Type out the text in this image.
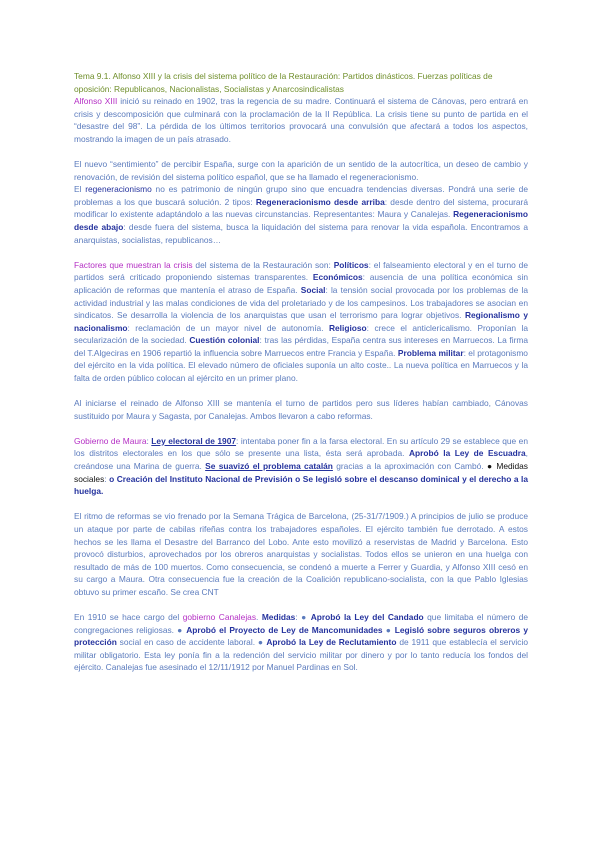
Tema 9.1. Alfonso XIII y la crisis del sistema político de la Restauración: Partidos dinásticos. Fuerzas políticas de oposición: Republicanos, Nacionalistas, Socialistas y Anarcosindicalistas

Alfonso XIII inició su reinado en 1902, tras la regencia de su madre. Continuará el sistema de Cánovas, pero entrará en crisis y descomposición que culminará con la proclamación de la II República. La crisis tiene su punto de partida en el “desastre del 98”. La pérdida de los últimos territorios provocará una convulsión que afectará a todos los aspectos, mostrando la imagen de un país atrasado.

El nuevo “sentimiento” de percibir España, surge con la aparición de un sentido de la autocrítica, un deseo de cambio y renovación, de revisión del sistema político español, que se ha llamado el regeneracionismo.

El regeneracionismo no es patrimonio de ningún grupo sino que encuadra tendencias diversas. Pondrá una serie de problemas a los que buscará solución. 2 tipos: Regeneracionismo desde arriba: desde dentro del sistema, procurará modificar lo existente adaptándolo a las nuevas circunstancias. Representantes: Maura y Canalejas. Regeneracionismo desde abajo: desde fuera del sistema, busca la liquidación del sistema para renovar la vida española. Encontramos a anarquistas, socialistas, republicanos…

Factores que muestran la crisis del sistema de la Restauración son: Políticos: el falseamiento electoral y en el turno de partidos será criticado proponiendo sistemas transparentes. Económicos: ausencia de una política económica sin aplicación de reformas que mantenía el atraso de España. Social: la tensión social provocada por los problemas de la actividad industrial y las malas condiciones de vida del proletariado y de los campesinos. Los trabajadores se asocian en sindicatos. Se desarrolla la violencia de los anarquistas que usan el terrorismo para lograr objetivos. Regionalismo y nacionalismo: reclamación de un mayor nivel de autonomía. Religioso: crece el anticlericalismo. Proponían la secularización de la sociedad. Cuestión colonial: tras las pérdidas, España centra sus intereses en Marruecos. La firma del T.Algeciras en 1906 repartió la influencia sobre Marruecos entre Francia y España. Problema militar: el protagonismo del ejército en la vida política. El elevado número de oficiales suponía un alto coste.. La nueva política en Marruecos y la falta de orden público colocan al ejército en un primer plano.

Al iniciarse el reinado de Alfonso XIII se mantenía el turno de partidos pero sus líderes habían cambiado, Cánovas sustituido por Maura y Sagasta, por Canalejas. Ambos llevaron a cabo reformas.

Gobierno de Maura: Ley electoral de 1907: intentaba poner fin a la farsa electoral. En su artículo 29 se establece que en los distritos electorales en los que sólo se presente una lista, ésta será aprobada. Aprobó la Ley de Escuadra, creándose una Marina de guerra. Se suavizó el problema catalán gracias a la aproximación con Cambó. ● Medidas sociales: o Creación del Instituto Nacional de Previsión o Se legisló sobre el descanso dominical y el derecho a la huelga.

El ritmo de reformas se vio frenado por la Semana Trágica de Barcelona, (25-31/7/1909.) A principios de julio se produce un ataque por parte de cabilas rifeñas contra los trabajadores españoles. El ejército también fue derrotado. A estos hechos se les llama el Desastre del Barranco del Lobo. Ante esto movilizó a reservistas de Madrid y Barcelona. Esto provocó disturbios, aprovechados por los obreros anarquistas y socialistas. Todos ellos se unieron en una huelga con resultado de más de 100 muertos. Como consecuencia, se condenó a muerte a Ferrer y Guardia, y Alfonso XIII cesó en su cargo a Maura. Otra consecuencia fue la creación de la Coalición republicano-socialista, con la que Pablo Iglesias obtuvo su primer escaño. Se crea CNT

En 1910 se hace cargo del gobierno Canalejas. Medidas: ● Aprobó la Ley del Candado que limitaba el número de congregaciones religiosas. ● Aprobó el Proyecto de Ley de Mancomunidades ● Legisló sobre seguros obreros y protección social en caso de accidente laboral. ● Aprobó la Ley de Reclutamiento de 1911 que establecía el servicio militar obligatorio. Esta ley ponía fin a la redención del servicio militar por dinero y por lo tanto reducía los fondos del ejército. Canalejas fue asesinado el 12/11/1912 por Manuel Pardinas en Sol.
